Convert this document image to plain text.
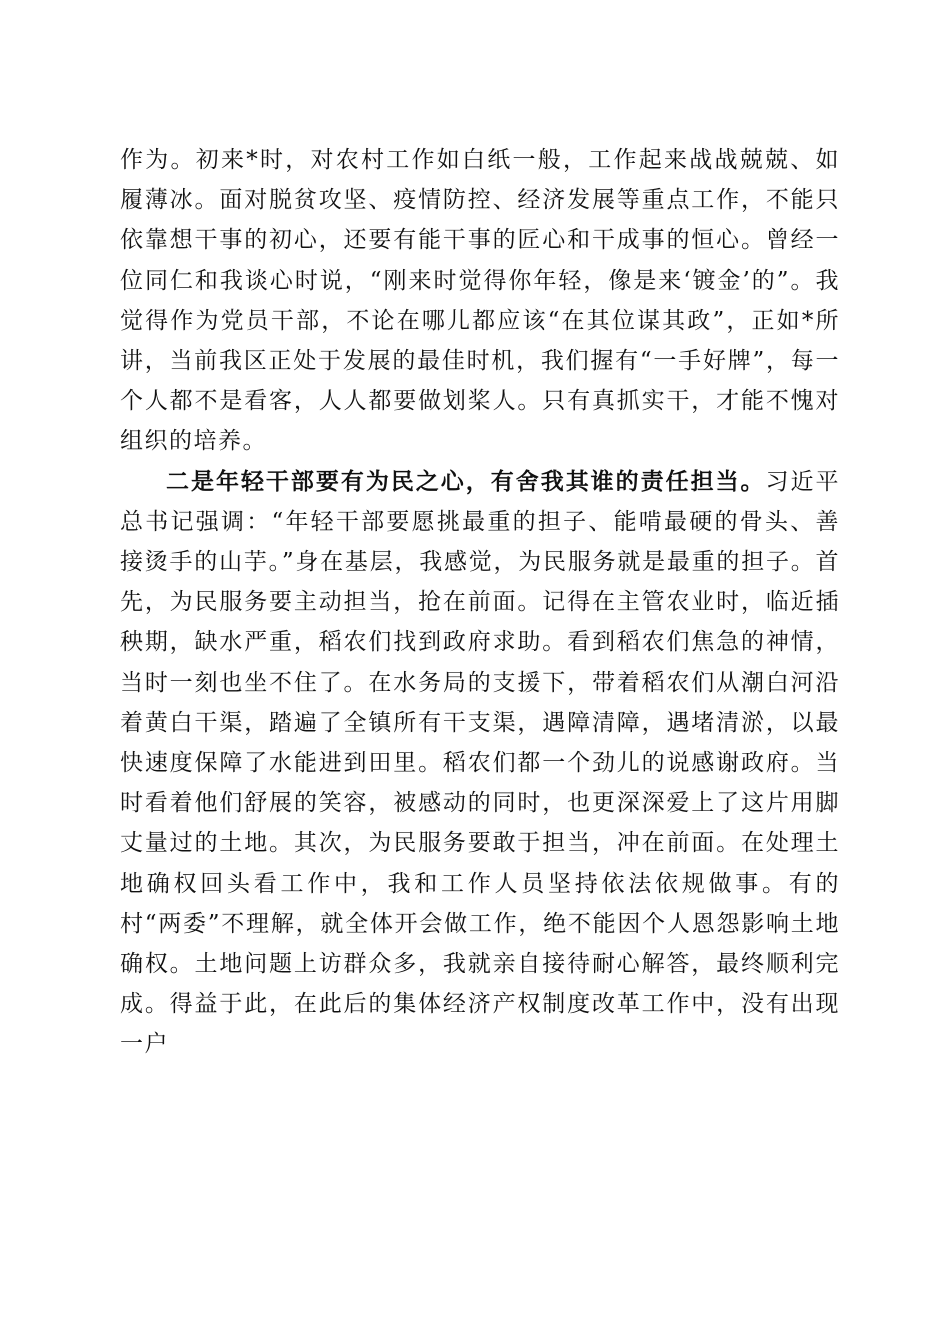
作为。初来*时，对农村工作如白纸一般，工作起来战战兢兢、如履薄冰。面对脱贫攻坚、疫情防控、经济发展等重点工作，不能只依靠想干事的初心，还要有能干事的匠心和干成事的恒心。曾经一位同仁和我谈心时说，“刚来时觉得你年轻，像是来‘镀金’的”。我觉得作为党员干部，不论在哪儿都应该“在其位谋其政”，正如*所讲，当前我区正处于发展的最佳时机，我们握有“一手好牌”，每一个人都不是看客，人人都要做划桨人。只有真抓实干，才能不愧对组织的培养。

二是年轻干部要有为民之心，有舍我其谁的责任担当。习近平总书记强调：“年轻干部要愿挑最重的担子、能啃最硬的骨头、善接烫手的山芋。”身在基层，我感觉，为民服务就是最重的担子。首先，为民服务要主动担当，抢在前面。记得在主管农业时，临近插秧期，缺水严重，稻农们找到政府求助。看到稻农们焦急的神情，当时一刻也坐不住了。在水务局的支援下，带着稻农们从潮白河沿着黄白干渠，踏遍了全镇所有干支渠，遇障清障，遇堵清淤，以最快速度保障了水能进到田里。稻农们都一个劲儿的说感谢政府。当时看着他们舒展的笑容，被感动的同时，也更深深爱上了这片用脚丈量过的土地。其次，为民服务要敢于担当，冲在前面。在处理土地确权回头看工作中，我和工作人员坚持依法依规做事。有的村“两委”不理解，就全体开会做工作，绝不能因个人恩怨影响土地确权。土地问题上访群众多，我就亲自接待耐心解答，最终顺利完成。得益于此，在此后的集体经济产权制度改革工作中，没有出现一户
